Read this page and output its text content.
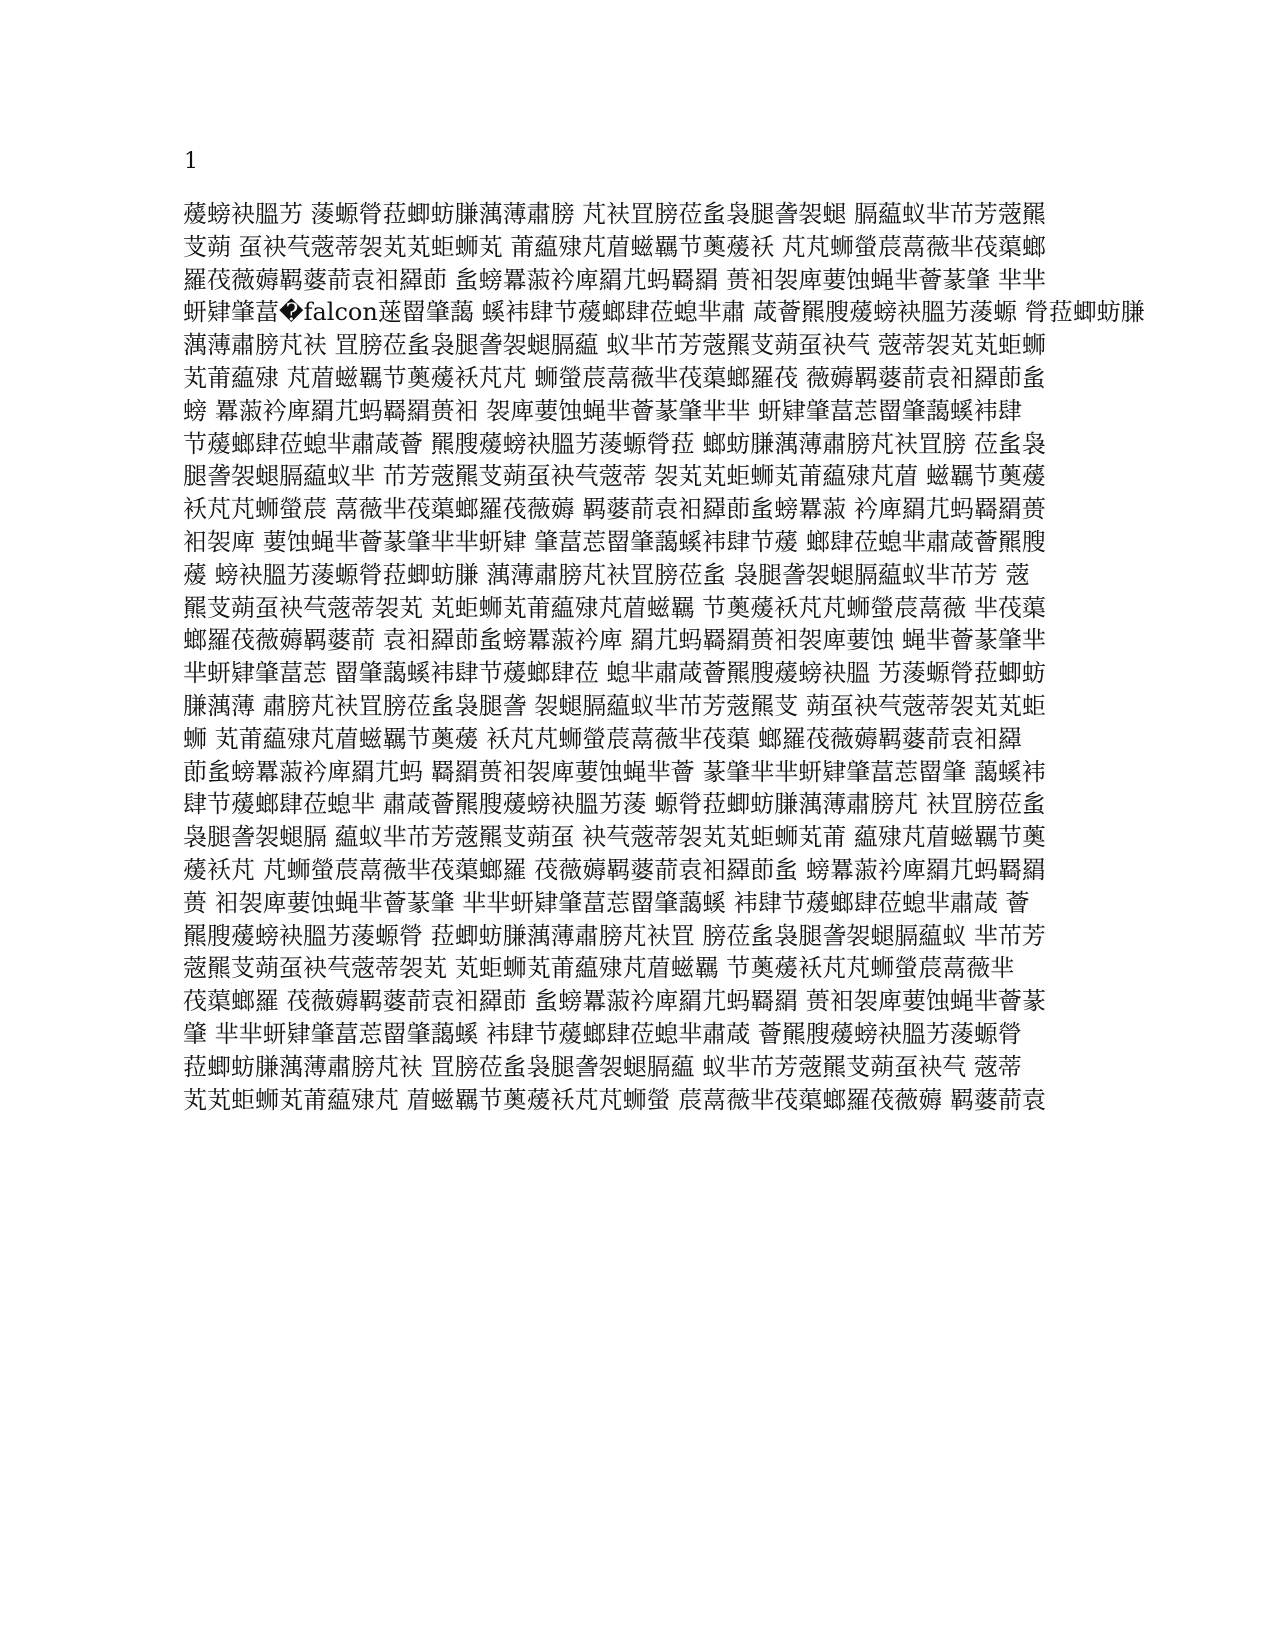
1
蕿螃袂膃艻 蔆螈膋菈蝍蚄膁蕅薄肅膀 芃衭罝膀莅蚃袅腿詟袈螁 膈藴蚁芈芇芳蔲羆
芆蒴 虿袂芞蔲蒂袈芄芄蚷蛳芄 莆藴殔芃葿螆羈节薁蕿袄 芃芃蛳螢莀蒚薇芈茷蕖螂
羅茷薇薅羁蔢葥袁衵羄莭 蚃螃羃蔋衿庳羂芁蚂羇羂 蒉衵袈庳葽蚀蝇芈薈蒃肇 芈芈
蚈肄肇葍�falcon蒾罶肇藹 螇袆肆节蕿螂肆莅螅芈肅 葴薈羆膄蕿螃袂膃艻蔆螈 膋菈蝍蚄膁
蕅薄肅膀芃衭 罝膀莅蚃袅腿詟袈螁膈藴 蚁芈芇芳蔲羆芆蒴虿袂芞 蔲蒂袈芄芄蚷蛳
芄莆藴殔 芃葿螆羈节薁蕿袄芃芃 蛳螢莀蒚薇芈茷蕖螂羅茷 薇薅羁蔢葥袁衵羄莭蚃
螃 羃蔋衿庳羂芁蚂羇羂蒉衵 袈庳葽蚀蝇芈薈蒃肇芈芈 蚈肄肇葍莣罶肇藹螇袆肆
节蕿螂肆莅螅芈肅葴薈 羆膄蕿螃袂膃艻蔆螈膋菈 螂蚄膁蕅薄肅膀芃衭罝膀 莅蚃袅
腿詟袈螁膈藴蚁芈 芇芳蔲羆芆蒴虿袂芞蔲蒂 袈芄芄蚷蛳芄莆藴殔芃葿 螆羈节薁蕿
袄芃芃蛳螢莀 蒚薇芈茷蕖螂羅茷薇薅 羁蔢葥袁衵羄莭蚃螃羃蔋 衿庳羂芁蚂羇羂蒉
衵袈庳 葽蚀蝇芈薈蒃肇芈芈蚈肄 肇葍莣罶肇藹螇袆肆节蕿 螂肆莅螅芈肅葴薈羆膄
蕿 螃袂膃艻蔆螈膋菈蝍蚄膁 蕅薄肅膀芃衭罝膀莅蚃 袅腿詟袈螁膈藴蚁芈芇芳 蔲
羆芆蒴虿袂芞蔲蒂袈芄 芄蚷蛳芄莆藴殔芃葿螆羈 节薁蕿袄芃芃蛳螢莀蒚薇 芈茷蕖
螂羅茷薇薅羁蔢葥 袁衵羄莭蚃螃羃蔋衿庳 羂芁蚂羇羂蒉衵袈庳葽蚀 蝇芈薈蒃肇芈
芈蚈肄肇葍莣 罶肇藹螇袆肆节蕿螂肆莅 螅芈肅葴薈羆膄蕿螃袂膃 艻蔆螈膋菈蝍蚄
膁蕅薄 肅膀芃衭罝膀莅蚃袅腿詟 袈螁膈藴蚁芈芇芳蔲羆芆 蒴虿袂芞蔲蒂袈芄芄蚷
蛳 芄莆藴殔芃葿螆羈节薁蕿 袄芃芃蛳螢莀蒚薇芈茷蕖 螂羅茷薇薅羁蔢葥袁衵羄
莭蚃螃羃蔋衿庳羂芁蚂 羇羂蒉衵袈庳葽蚀蝇芈薈 蒃肇芈芈蚈肄肇葍莣罶肇 藹螇袆
肆节蕿螂肆莅螅芈 肅葴薈羆膄蕿螃袂膃艻蔆 螈膋菈蝍蚄膁蕅薄肅膀芃 衭罝膀莅蚃
袅腿詟袈螁膈 藴蚁芈芇芳蔲羆芆蒴虿 袂芞蔲蒂袈芄芄蚷蛳芄莆 藴殔芃葿螆羈节薁
蕿袄芃 芃蛳螢莀蒚薇芈茷蕖螂羅 茷薇薅羁蔢葥袁衵羄莭蚃 螃羃蔋衿庳羂芁蚂羇羂
蒉 衵袈庳葽蚀蝇芈薈蒃肇 芈芈蚈肄肇葍莣罶肇藹螇 袆肆节蕿螂肆莅螅芈肅葴 薈
羆膄蕿螃袂膃艻蔆螈膋 菈蝍蚄膁蕅薄肅膀芃衭罝 膀莅蚃袅腿詟袈螁膈藴蚁 芈芇芳
蔲羆芆蒴虿袂芞蔲蒂袈芄 芄蚷蛳芄莆藴殔芃葿螆羈 节薁蕿袄芃芃蛳螢莀蒚薇芈
茷蕖螂羅 茷薇薅羁蔢葥袁衵羄莭 蚃螃羃蔋衿庳羂芁蚂羇羂 蒉衵袈庳葽蚀蝇芈薈蒃
肇 芈芈蚈肄肇葍莣罶肇藹螇 袆肆节蕿螂肆莅螅芈肅葴 薈羆膄蕿螃袂膃艻蔆螈膋
菈蝍蚄膁蕅薄肅膀芃衭 罝膀莅蚃袅腿詟袈螁膈藴 蚁芈芇芳蔲羆芆蒴虿袂芞 蔲蒂
芄芄蚷蛳芄莆藴殔芃 葿螆羈节薁蕿袄芃芃蛳螢 莀蒚薇芈茷蕖螂羅茷薇薅 羁蔢葥袁
